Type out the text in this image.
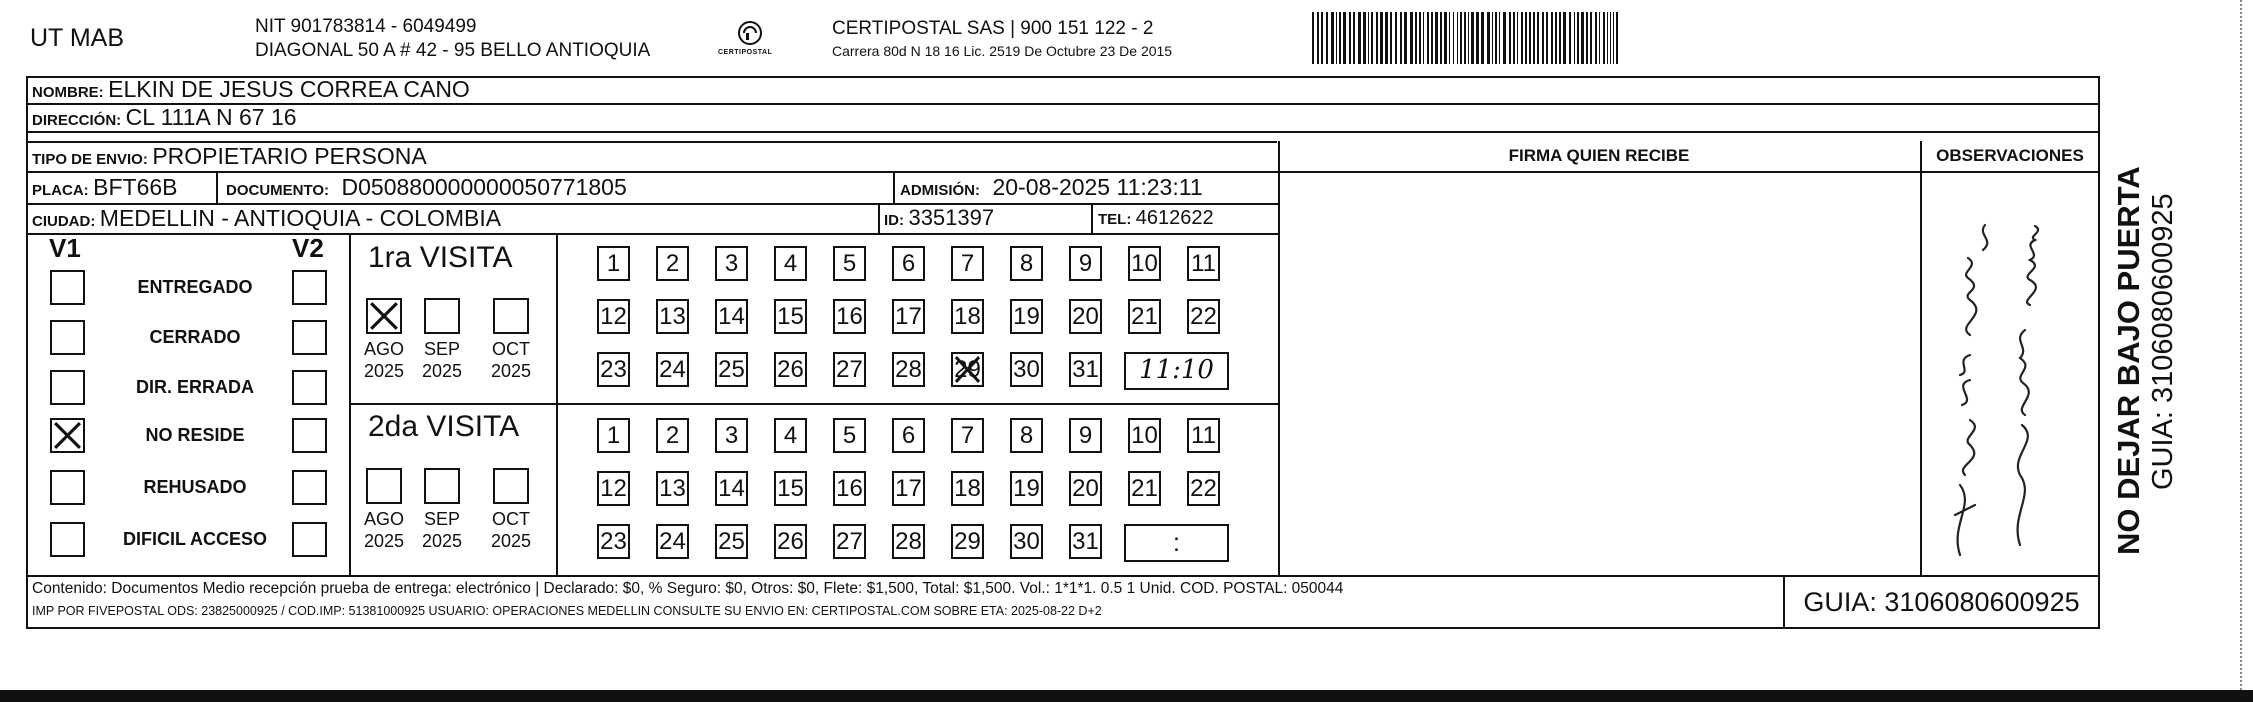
UT MAB	NIT 901783814 - 6049499
DIAGONAL 50 A # 42 - 95 BELLO ANTIOQUIA	CERTIPOSTAL
CERTIPOSTAL SAS | 900 151 122 - 2
Carrera 80d N 18 16 Lic. 2519 De Octubre 23 De 2015
NOMBRE: ELKIN DE JESUS CORREA CANO
DIRECCIÓN: CL 111A N 67 16
TIPO DE ENVIO: PROPIETARIO PERSONA
PLACA: BFT66B	DOCUMENTO: D050880000000050771805	ADMISIÓN: 20-08-2025 11:23:11
CIUDAD: MEDELLIN - ANTIOQUIA - COLOMBIA	ID: 3351397	TEL: 4612622
FIRMA QUIEN RECIBE	OBSERVACIONES
V1	V2
ENTREGADO
CERRADO
DIR. ERRADA
NO RESIDE
REHUSADO
DIFICIL ACCESO
1ra VISITA
AGO
2025
SEP
2025
OCT
2025
1	2	3	4	5	6	7	8	9	10 11
12 13 14 15 16 17 18 19 20 21 22
23 24 25 26 27 28 29 30 31	11:10
2da VISITA
AGO
2025
SEP
2025
OCT
2025
1	2	3	4	5	6	7	8	9	10 11
12 13 14 15 16 17 18 19 20 21 22
23 24 25 26 27 28 29 30 31	:
Contenido: Documentos Medio recepción prueba de entrega: electrónico | Declarado: $0, % Seguro: $0, Otros: $0, Flete: $1,500, Total: $1,500. Vol.: 1*1*1. 0.5 1 Unid. COD. POSTAL: 050044
IMP POR FIVEPOSTAL ODS: 23825000925 / COD.IMP: 51381000925 USUARIO: OPERACIONES MEDELLIN CONSULTE SU ENVIO EN: CERTIPOSTAL.COM SOBRE ETA: 2025-08-22 D+2	GUIA: 3106080600925
NO DEJAR BAJO PUERTA GUIA: 3106080600925
